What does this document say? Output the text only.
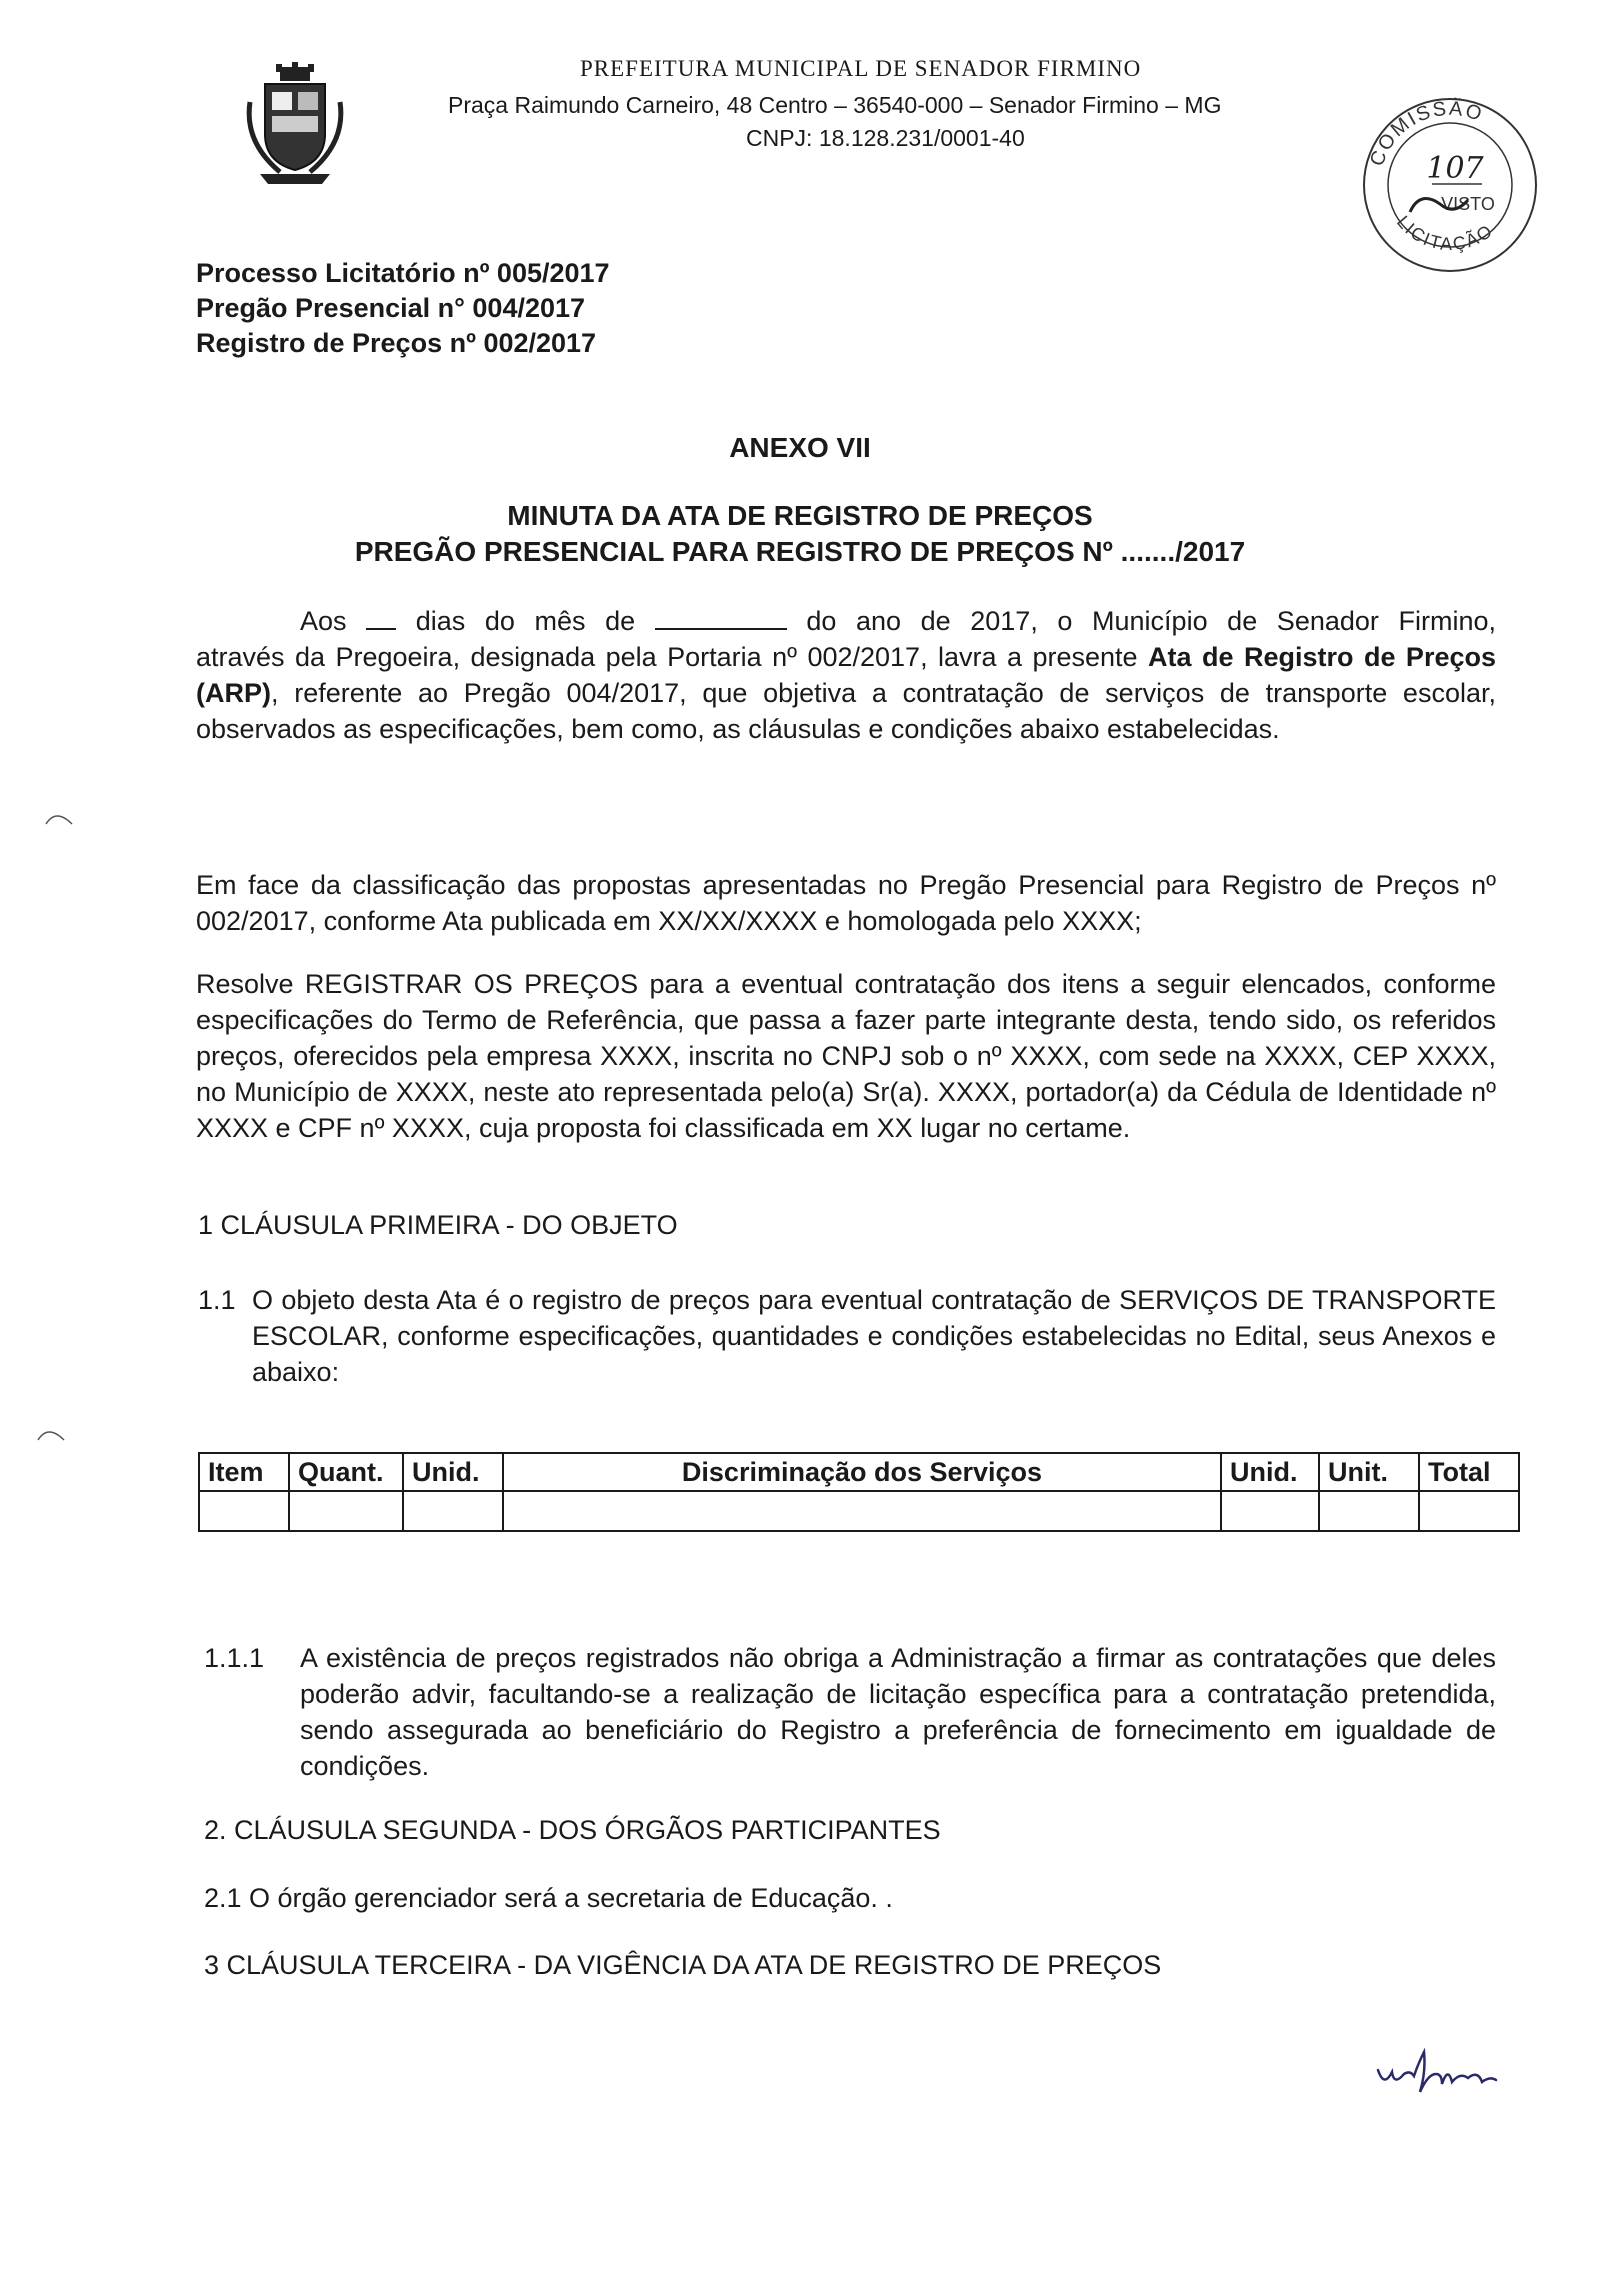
PREFEITURA MUNICIPAL DE SENADOR FIRMINO
Praça Raimundo Carneiro, 48 Centro – 36540-000 – Senador Firmino – MG
CNPJ: 18.128.231/0001-40
COMISSÃO
LICITAÇÃO
107
VISTO
Processo Licitatório nº 005/2017
Pregão Presencial n° 004/2017
Registro de Preços nº 002/2017
ANEXO VII
MINUTA DA ATA DE REGISTRO DE PREÇOS
PREGÃO PRESENCIAL PARA REGISTRO DE PREÇOS Nº ......./2017
Aos	dias do mês de	do ano de 2017, o Município de Senador Firmino,
através da Pregoeira, designada pela Portaria nº 002/2017, lavra a presente Ata de Registro de Preços (ARP), referente ao Pregão 004/2017, que objetiva a contratação de serviços de transporte escolar, observados as especificações, bem como, as cláusulas e condições abaixo estabelecidas.
Em face da classificação das propostas apresentadas no Pregão Presencial para Registro de Preços nº 002/2017, conforme Ata publicada em XX/XX/XXXX e homologada pelo XXXX;
Resolve REGISTRAR OS PREÇOS para a eventual contratação dos itens a seguir elencados, conforme especificações do Termo de Referência, que passa a fazer parte integrante desta, tendo sido, os referidos preços, oferecidos pela empresa XXXX, inscrita no CNPJ sob o nº XXXX, com sede na XXXX, CEP XXXX, no Município de XXXX, neste ato representada pelo(a) Sr(a). XXXX, portador(a) da Cédula de Identidade nº XXXX e CPF nº XXXX, cuja proposta foi classificada em XX lugar no certame.
1 CLÁUSULA PRIMEIRA - DO OBJETO
1.1 O objeto desta Ata é o registro de preços para eventual contratação de SERVIÇOS DE TRANSPORTE ESCOLAR, conforme especificações, quantidades e condições estabelecidas no Edital, seus Anexos e abaixo:
Item	Quant.	Unid.	Discriminação dos Serviços	Unid.	Unit.	Total

1.1.1	A existência de preços registrados não obriga a Administração a firmar as contratações que deles poderão advir, facultando-se a realização de licitação específica para a contratação pretendida, sendo assegurada ao beneficiário do Registro a preferência de fornecimento em igualdade de condições.
2. CLÁUSULA SEGUNDA - DOS ÓRGÃOS PARTICIPANTES
2.1 O órgão gerenciador será a secretaria de Educação. .
3 CLÁUSULA TERCEIRA - DA VIGÊNCIA DA ATA DE REGISTRO DE PREÇOS
